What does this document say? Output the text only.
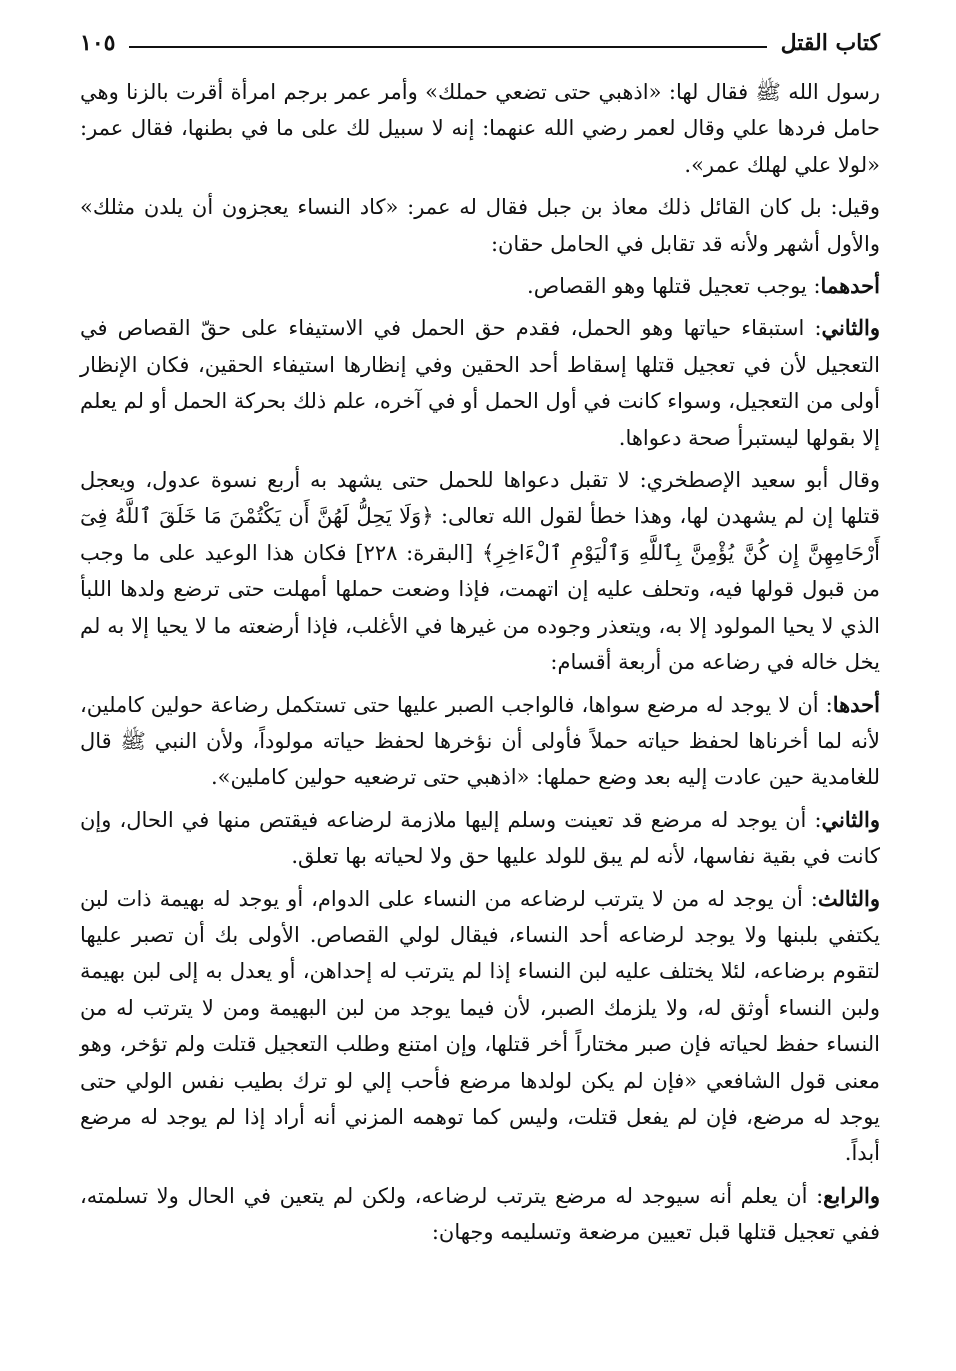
كتاب القتل
١٠٥

رسول الله ﷺ فقال لها: «اذهبي حتى تضعي حملك» وأمر عمر برجم امرأة أقرت بالزنا وهي حامل فردها علي وقال لعمر رضي الله عنهما: إنه لا سبيل لك على ما في بطنها، فقال عمر: «لولا علي لهلك عمر».

وقيل: بل كان القائل ذلك معاذ بن جبل فقال له عمر: «كاد النساء يعجزون أن يلدن مثلك» والأول أشهر ولأنه قد تقابل في الحامل حقان:

أحدهما: يوجب تعجيل قتلها وهو القصاص.

والثاني: استبقاء حياتها وهو الحمل، فقدم حق الحمل في الاستيفاء على حقّ القصاص في التعجيل لأن في تعجيل قتلها إسقاط أحد الحقين وفي إنظارها استيفاء الحقين، فكان الإنظار أولى من التعجيل، وسواء كانت في أول الحمل أو في آخره، علم ذلك بحركة الحمل أو لم يعلم إلا بقولها ليستبرأ صحة دعواها.

وقال أبو سعيد الإصطخري: لا تقبل دعواها للحمل حتى يشهد به أربع نسوة عدول، ويعجل قتلها إن لم يشهدن لها، وهذا خطأ لقول الله تعالى: ﴿وَلَا يَحِلُّ لَهُنَّ أَن يَكْتُمْنَ مَا خَلَقَ ٱللَّهُ فِىٓ أَرْحَامِهِنَّ إِن كُنَّ يُؤْمِنَّ بِٱللَّهِ وَٱلْيَوْمِ ٱلْءَاخِرِ﴾ [البقرة: ٢٢٨] فكان هذا الوعيد على ما وجب من قبول قولها فيه، وتحلف عليه إن اتهمت، فإذا وضعت حملها أمهلت حتى ترضع ولدها اللبأ الذي لا يحيا المولود إلا به، ويتعذر وجوده من غيرها في الأغلب، فإذا أرضعته ما لا يحيا إلا به لم يخل خاله في رضاعه من أربعة أقسام:

أحدها: أن لا يوجد له مرضع سواها، فالواجب الصبر عليها حتى تستكمل رضاعة حولين كاملين، لأنه لما أخرناها لحفظ حياته حملاً فأولى أن نؤخرها لحفظ حياته مولوداً، ولأن النبي ﷺ قال للغامدية حين عادت إليه بعد وضع حملها: «اذهبي حتى ترضعيه حولين كاملين».

والثاني: أن يوجد له مرضع قد تعينت وسلم إليها ملازمة لرضاعه فيقتص منها في الحال، وإن كانت في بقية نفاسها، لأنه لم يبق للولد عليها حق ولا لحياته بها تعلق.

والثالث: أن يوجد له من لا يترتب لرضاعه من النساء على الدوام، أو يوجد له بهيمة ذات لبن يكتفي بلبنها ولا يوجد لرضاعه أحد النساء، فيقال لولي القصاص. الأولى بك أن تصبر عليها لتقوم برضاعه، لئلا يختلف عليه لبن النساء إذا لم يترتب له إحداهن، أو يعدل به إلى لبن بهيمة ولبن النساء أوثق له، ولا يلزمك الصبر، لأن فيما يوجد من لبن البهيمة ومن لا يترتب له من النساء حفظ لحياته فإن صبر مختاراً أخر قتلها، وإن امتنع وطلب التعجيل قتلت ولم تؤخر، وهو معنى قول الشافعي «فإن لم يكن لولدها مرضع فأحب إلي لو ترك بطيب نفس الولي حتى يوجد له مرضع، فإن لم يفعل قتلت، وليس كما توهمه المزني أنه أراد إذا لم يوجد له مرضع أبداً.

والرابع: أن يعلم أنه سيوجد له مرضع يترتب لرضاعه، ولكن لم يتعين في الحال ولا تسلمته، ففي تعجيل قتلها قبل تعيين مرضعة وتسليمه وجهان:
